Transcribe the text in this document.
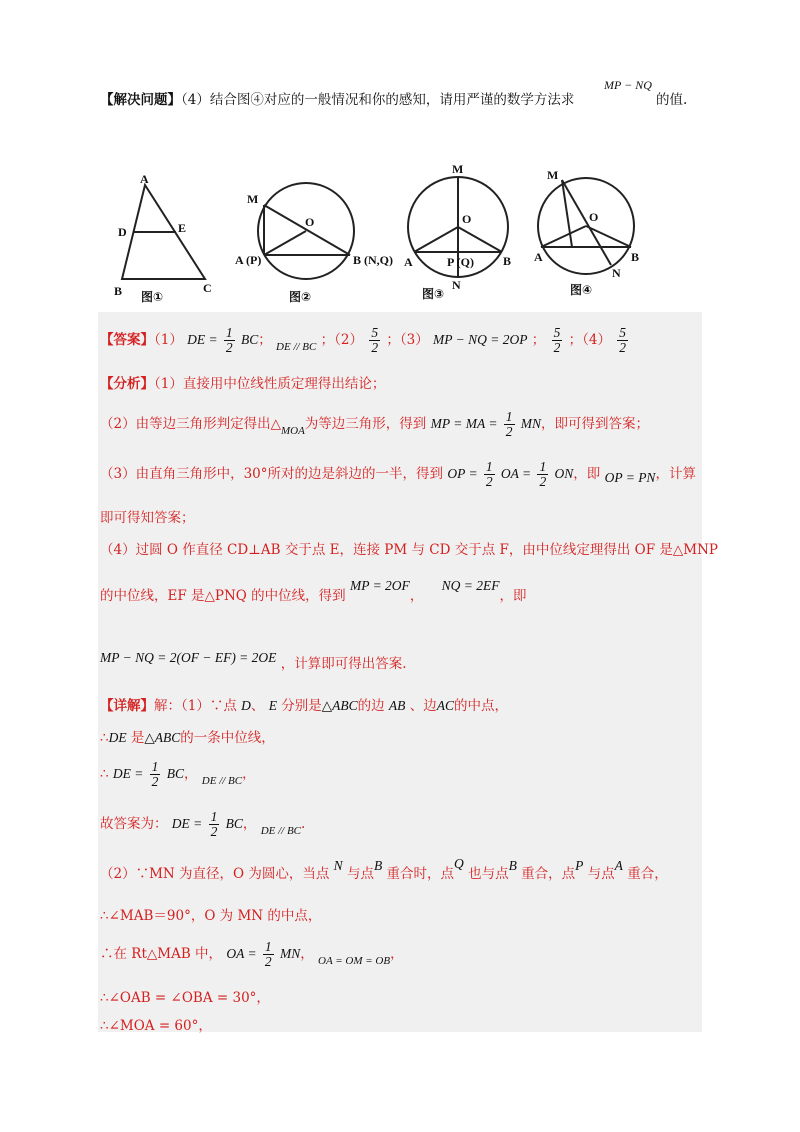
【解决问题】（4）结合图④对应的一般情况和你的感知，请用严谨的数学方法求
MP − NQ
的值.
A
D	E
B	C
图①
M
O
A (P)	B (N,Q)
图②
M
O
A	P (Q) B
N
图③
M
O
A
N
B
图④
【答案】（1） DE = $\frac{1}{2}$ BC； $_{DE // BC}$ ；$(2) \frac{5}{2}$ ；（3） MP − NQ = 2OP ； $\frac{5}{2}$ ；$(4) \frac{5}{2}$
【分析】（1）直接用中位线性质定理得出结论；
（2）由等边三角形判定得出$\triangle_{MOA}$为等边三角形，得到 MP = MA = $\frac{1}{2}$ MN，即可得到答案；
（3）由直角三角形中，30°所对的边是斜边的一半，得到 OP = $\frac{1}{2}$ OA = $\frac{1}{2}$ ON，即 OP = PN，计算
即可得知答案；
（4）过圆 O 作直径 CD⊥AB 交于点 E，连接 PM 与 CD 交于点 F，由中位线定理得出 OF 是△MNP
的中位线，EF 是△PNQ 的中位线，得到 MP = 2OF， NQ = 2EF，即
MP − NQ = 2(OF − EF) = 2OE ，计算即可得出答案.
【详解】解：（1）∵点 D、 E 分别是△ABC的边 AB 、边AC的中点，
∴DE 是△ABC的一条中位线，
∴ DE = $\frac{1}{2}$ BC， $_{DE // BC}$，
故答案为： DE = $\frac{1}{2}$ BC， $_{DE // BC}$.
（2）∵MN 为直径，O 为圆心，当点 N 与点B 重合时，点Q 也与点B 重合，点P 与点A 重合，
∴∠MAB＝90°，O 为 MN 的中点，
∴在 Rt△MAB 中， OA = $\frac{1}{2}$ MN， $_{OA = OM = OB}$，
∴∠OAB = ∠OBA = 30°，
∴∠MOA = 60°，
